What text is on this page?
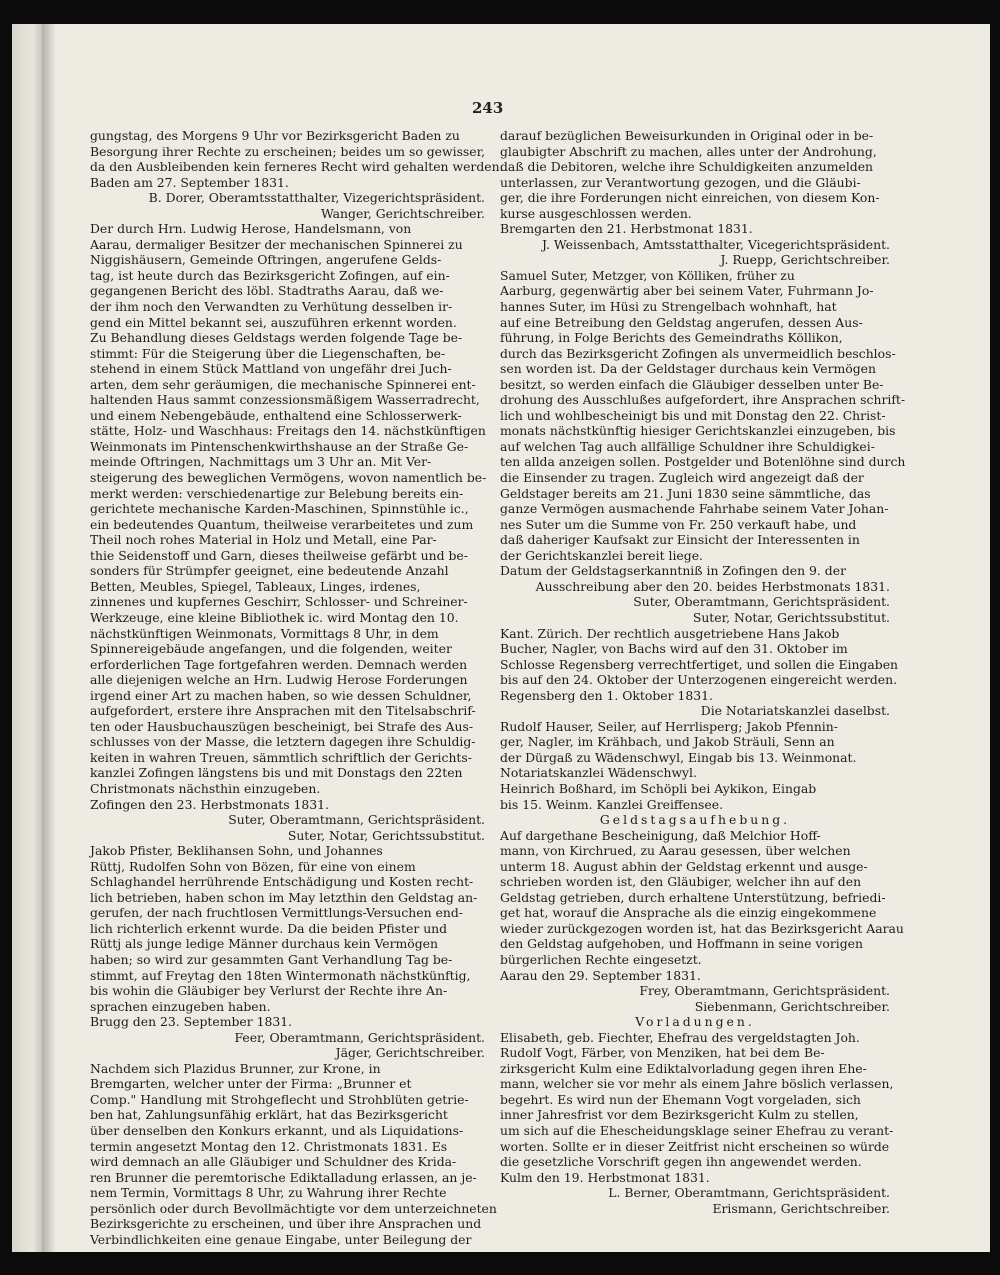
243

gungstag, des Morgens 9 Uhr vor Bezirksgericht Baden zu

Besorgung ihrer Rechte zu erscheinen; beides um so gewisser,

da den Ausbleibenden kein ferneres Recht wird gehalten werden.

Baden am 27. September 1831.

B. Dorer, Oberamtsstatthalter, Vizegerichtspräsident.

Wanger, Gerichtschreiber.

Der durch Hrn. Ludwig Herose, Handelsmann, von

Aarau, dermaliger Besitzer der mechanischen Spinnerei zu

Niggishäusern, Gemeinde Oftringen, angerufene Gelds-

tag, ist heute durch das Bezirksgericht Zofingen, auf ein-

gegangenen Bericht des löbl. Stadtraths Aarau, daß we-

der ihm noch den Verwandten zu Verhütung desselben ir-

gend ein Mittel bekannt sei, auszuführen erkennt worden.

Zu Behandlung dieses Geldstags werden folgende Tage be-

stimmt: Für die Steigerung über die Liegenschaften, be-

stehend in einem Stück Mattland von ungefähr drei Juch-

arten, dem sehr geräumigen, die mechanische Spinnerei ent-

haltenden Haus sammt conzessionsmäßigem Wasserradrecht,

und einem Nebengebäude, enthaltend eine Schlosserwerk-

stätte, Holz- und Waschhaus: Freitags den 14. nächstkünftigen

Weinmonats im Pintenschenkwirthshause an der Straße Ge-

meinde Oftringen, Nachmittags um 3 Uhr an. Mit Ver-

steigerung des beweglichen Vermögens, wovon namentlich be-

merkt werden: verschiedenartige zur Belebung bereits ein-

gerichtete mechanische Karden-Maschinen, Spinnstühle ic.,

ein bedeutendes Quantum, theilweise verarbeitetes und zum

Theil noch rohes Material in Holz und Metall, eine Par-

thie Seidenstoff und Garn, dieses theilweise gefärbt und be-

sonders für Strümpfer geeignet, eine bedeutende Anzahl

Betten, Meubles, Spiegel, Tableaux, Linges, irdenes,

zinnenes und kupfernes Geschirr, Schlosser- und Schreiner-

Werkzeuge, eine kleine Bibliothek ic. wird Montag den 10.

nächstkünftigen Weinmonats, Vormittags 8 Uhr, in dem

Spinnereigebäude angefangen, und die folgenden, weiter

erforderlichen Tage fortgefahren werden. Demnach werden

alle diejenigen welche an Hrn. Ludwig Herose Forderungen

irgend einer Art zu machen haben, so wie dessen Schuldner,

aufgefordert, erstere ihre Ansprachen mit den Titelsabschrif-

ten oder Hausbuchauszügen bescheinigt, bei Strafe des Aus-

schlusses von der Masse, die letztern dagegen ihre Schuldig-

keiten in wahren Treuen, sämmtlich schriftlich der Gerichts-

kanzlei Zofingen längstens bis und mit Donstags den 22ten

Christmonats nächsthin einzugeben.

Zofingen den 23. Herbstmonats 1831.

Suter, Oberamtmann, Gerichtspräsident.

Suter, Notar, Gerichtssubstitut.

Jakob Pfister, Beklihansen Sohn, und Johannes

Rüttj, Rudolfen Sohn von Bözen, für eine von einem

Schlaghandel herrührende Entschädigung und Kosten recht-

lich betrieben, haben schon im May letzthin den Geldstag an-

gerufen, der nach fruchtlosen Vermittlungs-Versuchen end-

lich richterlich erkennt wurde. Da die beiden Pfister und

Rüttj als junge ledige Männer durchaus kein Vermögen

haben; so wird zur gesammten Gant Verhandlung Tag be-

stimmt, auf Freytag den 18ten Wintermonath nächstkünftig,

bis wohin die Gläubiger bey Verlurst der Rechte ihre An-

sprachen einzugeben haben.

Brugg den 23. September 1831.

Feer, Oberamtmann, Gerichtspräsident.

Jäger, Gerichtschreiber.

Nachdem sich Plazidus Brunner, zur Krone, in

Bremgarten, welcher unter der Firma: „Brunner et

Comp." Handlung mit Strohgeflecht und Strohblüten getrie-

ben hat, Zahlungsunfähig erklärt, hat das Bezirksgericht

über denselben den Konkurs erkannt, und als Liquidations-

termin angesetzt Montag den 12. Christmonats 1831. Es

wird demnach an alle Gläubiger und Schuldner des Krida-

ren Brunner die peremtorische Ediktalladung erlassen, an je-

nem Termin, Vormittags 8 Uhr, zu Wahrung ihrer Rechte

persönlich oder durch Bevollmächtigte vor dem unterzeichneten

Bezirksgerichte zu erscheinen, und über ihre Ansprachen und

Verbindlichkeiten eine genaue Eingabe, unter Beilegung der

darauf bezüglichen Beweisurkunden in Original oder in be-

glaubigter Abschrift zu machen, alles unter der Androhung,

daß die Debitoren, welche ihre Schuldigkeiten anzumelden

unterlassen, zur Verantwortung gezogen, und die Gläubi-

ger, die ihre Forderungen nicht einreichen, von diesem Kon-

kurse ausgeschlossen werden.

Bremgarten den 21. Herbstmonat 1831.

J. Weissenbach, Amtsstatthalter, Vicegerichtspräsident.

J. Ruepp, Gerichtschreiber.

Samuel Suter, Metzger, von Kölliken, früher zu

Aarburg, gegenwärtig aber bei seinem Vater, Fuhrmann Jo-

hannes Suter, im Hüsi zu Strengelbach wohnhaft, hat

auf eine Betreibung den Geldstag angerufen, dessen Aus-

führung, in Folge Berichts des Gemeindraths Köllikon,

durch das Bezirksgericht Zofingen als unvermeidlich beschlos-

sen worden ist. Da der Geldstager durchaus kein Vermögen

besitzt, so werden einfach die Gläubiger desselben unter Be-

drohung des Ausschlußes aufgefordert, ihre Ansprachen schrift-

lich und wohlbescheinigt bis und mit Donstag den 22. Christ-

monats nächstkünftig hiesiger Gerichtskanzlei einzugeben, bis

auf welchen Tag auch allfällige Schuldner ihre Schuldigkei-

ten allda anzeigen sollen. Postgelder und Botenlöhne sind durch

die Einsender zu tragen. Zugleich wird angezeigt daß der

Geldstager bereits am 21. Juni 1830 seine sämmtliche, das

ganze Vermögen ausmachende Fahrhabe seinem Vater Johan-

nes Suter um die Summe von Fr. 250 verkauft habe, und

daß daheriger Kaufsakt zur Einsicht der Interessenten in

der Gerichtskanzlei bereit liege.

Datum der Geldstagserkanntniß in Zofingen den 9. der

Ausschreibung aber den 20. beides Herbstmonats 1831.

Suter, Oberamtmann, Gerichtspräsident.

Suter, Notar, Gerichtssubstitut.

Kant. Zürich. Der rechtlich ausgetriebene Hans Jakob

Bucher, Nagler, von Bachs wird auf den 31. Oktober im

Schlosse Regensberg verrechtfertiget, und sollen die Eingaben

bis auf den 24. Oktober der Unterzogenen eingereicht werden.

Regensberg den 1. Oktober 1831.

Die Notariatskanzlei daselbst.

Rudolf Hauser, Seiler, auf Herrlisperg; Jakob Pfennin-

ger, Nagler, im Krähbach, und Jakob Sträuli, Senn an

der Dürgaß zu Wädenschwyl, Eingab bis 13. Weinmonat.

Notariatskanzlei Wädenschwyl.

Heinrich Boßhard, im Schöpli bei Aykikon, Eingab

bis 15. Weinm. Kanzlei Greiffensee.

Geldstagsaufhebung.

Auf dargethane Bescheinigung, daß Melchior Hoff-

mann, von Kirchrued, zu Aarau gesessen, über welchen

unterm 18. August abhin der Geldstag erkennt und ausge-

schrieben worden ist, den Gläubiger, welcher ihn auf den

Geldstag getrieben, durch erhaltene Unterstützung, befriedi-

get hat, worauf die Ansprache als die einzig eingekommene

wieder zurückgezogen worden ist, hat das Bezirksgericht Aarau

den Geldstag aufgehoben, und Hoffmann in seine vorigen

bürgerlichen Rechte eingesetzt.

Aarau den 29. September 1831.

Frey, Oberamtmann, Gerichtspräsident.

Siebenmann, Gerichtschreiber.

Vorladungen.

Elisabeth, geb. Fiechter, Ehefrau des vergeldstagten Joh.

Rudolf Vogt, Färber, von Menziken, hat bei dem Be-

zirksgericht Kulm eine Ediktalvorladung gegen ihren Ehe-

mann, welcher sie vor mehr als einem Jahre böslich verlassen,

begehrt. Es wird nun der Ehemann Vogt vorgeladen, sich

inner Jahresfrist vor dem Bezirksgericht Kulm zu stellen,

um sich auf die Ehescheidungsklage seiner Ehefrau zu verant-

worten. Sollte er in dieser Zeitfrist nicht erscheinen so würde

die gesetzliche Vorschrift gegen ihn angewendet werden.

Kulm den 19. Herbstmonat 1831.

L. Berner, Oberamtmann, Gerichtspräsident.

Erismann, Gerichtschreiber.
